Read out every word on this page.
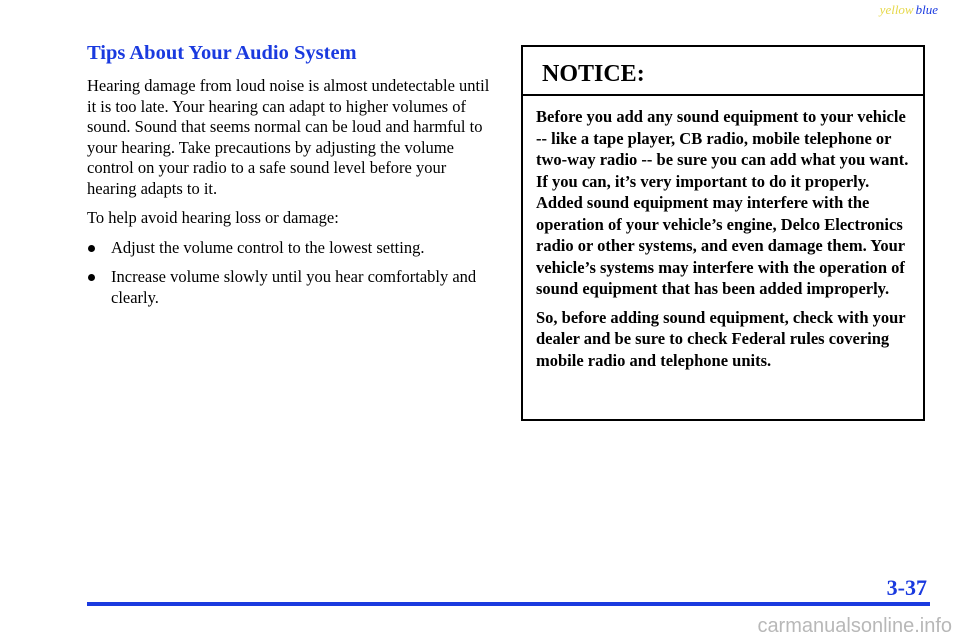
yellow blue
Tips About Your Audio System

Hearing damage from loud noise is almost undetectable until it is too late. Your hearing can adapt to higher volumes of sound. Sound that seems normal can be loud and harmful to your hearing. Take precautions by adjusting the volume control on your radio to a safe sound level before your hearing adapts to it.

To help avoid hearing loss or damage:

Adjust the volume control to the lowest setting.
Increase volume slowly until you hear comfortably and clearly.
NOTICE:

Before you add any sound equipment to your vehicle -- like a tape player, CB radio, mobile telephone or two-way radio -- be sure you can add what you want. If you can, it’s very important to do it properly. Added sound equipment may interfere with the operation of your vehicle’s engine, Delco Electronics radio or other systems, and even damage them. Your vehicle’s systems may interfere with the operation of sound equipment that has been added improperly.

So, before adding sound equipment, check with your dealer and be sure to check Federal rules covering mobile radio and telephone units.

3-37
carmanualsonline.info
